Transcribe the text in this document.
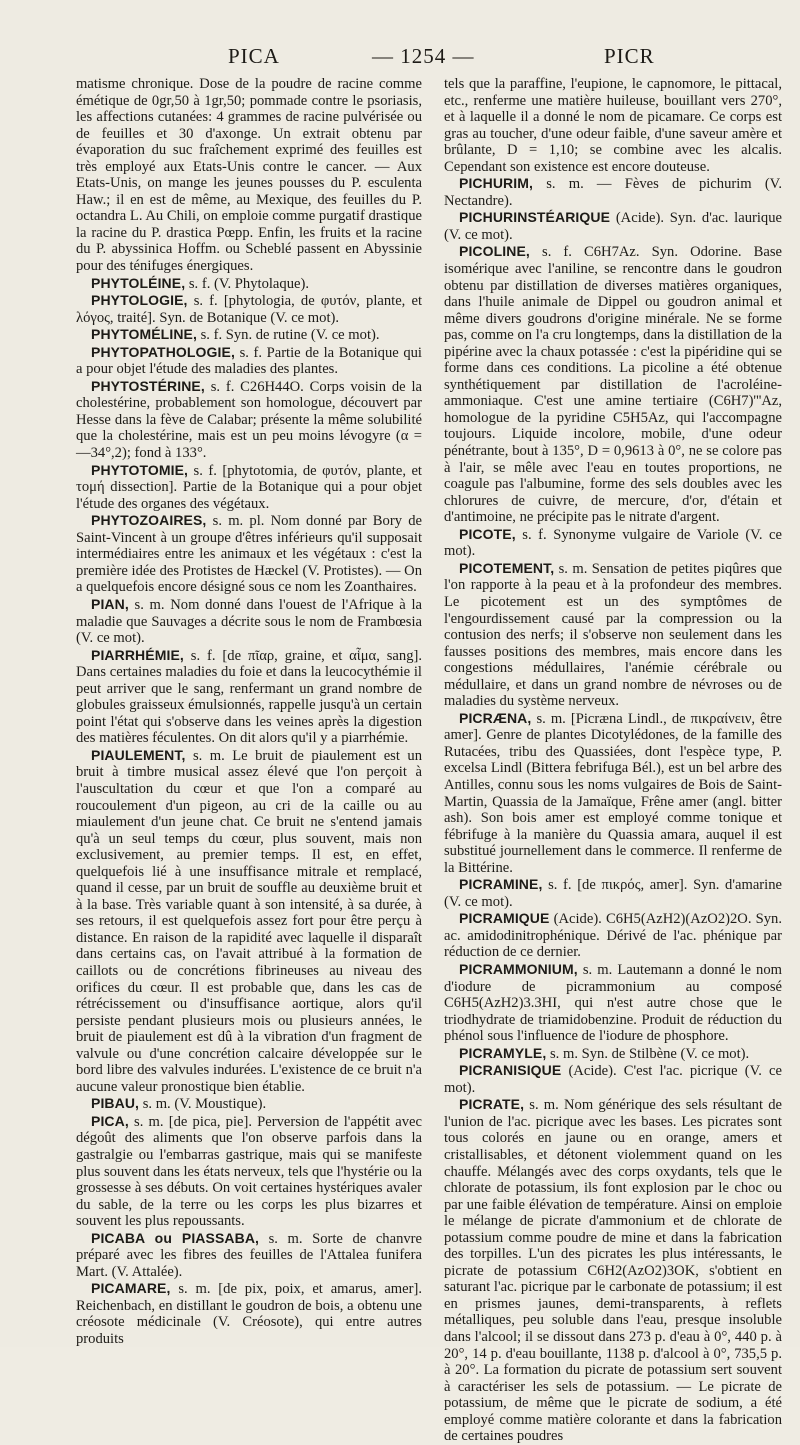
PICA	— 1254 —	PICR

matisme chronique. Dose de la poudre de racine comme émétique de 0gr,50 à 1gr,50; pommade contre le psoriasis, les affections cutanées: 4 grammes de racine pulvérisée ou de feuilles et 30 d'axonge. Un extrait obtenu par évaporation du suc fraîchement exprimé des feuilles est très employé aux Etats-Unis contre le cancer. — Aux Etats-Unis, on mange les jeunes pousses du P. esculenta Haw.; il en est de même, au Mexique, des feuilles du P. octandra L. Au Chili, on emploie comme purgatif drastique la racine du P. drastica Pœpp. Enfin, les fruits et la racine du P. abyssinica Hoffm. ou Scheblé passent en Abyssinie pour des ténifuges énergiques.

PHYTOLÉINE, s. f. (V. Phytolaque).

PHYTOLOGIE, s. f. [phytologia, de φυτόν, plante, et λόγος, traité]. Syn. de Botanique (V. ce mot).

PHYTOMÉLINE, s. f. Syn. de rutine (V. ce mot).

PHYTOPATHOLOGIE, s. f. Partie de la Botanique qui a pour objet l'étude des maladies des plantes.

PHYTOSTÉRINE, s. f. C26H44O. Corps voisin de la cholestérine, probablement son homologue, découvert par Hesse dans la fève de Calabar; présente la même solubilité que la cholestérine, mais est un peu moins lévogyre (α = —34°,2); fond à 133°.

PHYTOTOMIE, s. f. [phytotomia, de φυτόν, plante, et τομή dissection]. Partie de la Botanique qui a pour objet l'étude des organes des végétaux.

PHYTOZOAIRES, s. m. pl. Nom donné par Bory de Saint-Vincent à un groupe d'êtres inférieurs qu'il supposait intermédiaires entre les animaux et les végétaux : c'est la première idée des Protistes de Hæckel (V. Protistes). — On a quelquefois encore désigné sous ce nom les Zoanthaires.

PIAN, s. m. Nom donné dans l'ouest de l'Afrique à la maladie que Sauvages a décrite sous le nom de Frambœsia (V. ce mot).

PIARRHÉMIE, s. f. [de πῖαρ, graine, et αἷμα, sang]. Dans certaines maladies du foie et dans la leucocythémie il peut arriver que le sang, renfermant un grand nombre de globules graisseux émulsionnés, rappelle jusqu'à un certain point l'état qui s'observe dans les veines après la digestion des matières féculentes. On dit alors qu'il y a piarrhémie.

PIAULEMENT, s. m. Le bruit de piaulement est un bruit à timbre musical assez élevé que l'on perçoit à l'auscultation du cœur et que l'on a comparé au roucoulement d'un pigeon, au cri de la caille ou au miaulement d'un jeune chat. Ce bruit ne s'entend jamais qu'à un seul temps du cœur, plus souvent, mais non exclusivement, au premier temps. Il est, en effet, quelquefois lié à une insuffisance mitrale et remplacé, quand il cesse, par un bruit de souffle au deuxième bruit et à la base. Très variable quant à son intensité, à sa durée, à ses retours, il est quelquefois assez fort pour être perçu à distance. En raison de la rapidité avec laquelle il disparaît dans certains cas, on l'avait attribué à la formation de caillots ou de concrétions fibrineuses au niveau des orifices du cœur. Il est probable que, dans les cas de rétrécissement ou d'insuffisance aortique, alors qu'il persiste pendant plusieurs mois ou plusieurs années, le bruit de piaulement est dû à la vibration d'un fragment de valvule ou d'une concrétion calcaire développée sur le bord libre des valvules indurées. L'existence de ce bruit n'a aucune valeur pronostique bien établie.

PIBAU, s. m. (V. Moustique).

PICA, s. m. [de pica, pie]. Perversion de l'appétit avec dégoût des aliments que l'on observe parfois dans la gastralgie ou l'embarras gastrique, mais qui se manifeste plus souvent dans les états nerveux, tels que l'hystérie ou la grossesse à ses débuts. On voit certaines hystériques avaler du sable, de la terre ou les corps les plus bizarres et souvent les plus repoussants.

PICABA ou PIASSABA, s. m. Sorte de chanvre préparé avec les fibres des feuilles de l'Attalea funifera Mart. (V. Attalée).

PICAMARE, s. m. [de pix, poix, et amarus, amer]. Reichenbach, en distillant le goudron de bois, a obtenu une créosote médicinale (V. Créosote), qui entre autres produits

tels que la paraffine, l'eupione, le capnomore, le pittacal, etc., renferme une matière huileuse, bouillant vers 270°, et à laquelle il a donné le nom de picamare. Ce corps est gras au toucher, d'une odeur faible, d'une saveur amère et brûlante, D = 1,10; se combine avec les alcalis. Cependant son existence est encore douteuse.

PICHURIM, s. m. — Fèves de pichurim (V. Nectandre).

PICHURINSTÉARIQUE (Acide). Syn. d'ac. laurique (V. ce mot).

PICOLINE, s. f. C6H7Az. Syn. Odorine. Base isomérique avec l'aniline, se rencontre dans le goudron obtenu par distillation de diverses matières organiques, dans l'huile animale de Dippel ou goudron animal et même divers goudrons d'origine minérale. Ne se forme pas, comme on l'a cru longtemps, dans la distillation de la pipérine avec la chaux potassée : c'est la pipéridine qui se forme dans ces conditions. La picoline a été obtenue synthétiquement par distillation de l'acroléine-ammoniaque. C'est une amine tertiaire (C6H7)'''Az, homologue de la pyridine C5H5Az, qui l'accompagne toujours. Liquide incolore, mobile, d'une odeur pénétrante, bout à 135°, D = 0,9613 à 0°, ne se colore pas à l'air, se mêle avec l'eau en toutes proportions, ne coagule pas l'albumine, forme des sels doubles avec les chlorures de cuivre, de mercure, d'or, d'étain et d'antimoine, ne précipite pas le nitrate d'argent.

PICOTE, s. f. Synonyme vulgaire de Variole (V. ce mot).

PICOTEMENT, s. m. Sensation de petites piqûres que l'on rapporte à la peau et à la profondeur des membres. Le picotement est un des symptômes de l'engourdissement causé par la compression ou la contusion des nerfs; il s'observe non seulement dans les fausses positions des membres, mais encore dans les congestions médullaires, l'anémie cérébrale ou médullaire, et dans un grand nombre de névroses ou de maladies du système nerveux.

PICRÆNA, s. m. [Picræna Lindl., de πικραίνειν, être amer]. Genre de plantes Dicotylédones, de la famille des Rutacées, tribu des Quassiées, dont l'espèce type, P. excelsa Lindl (Bittera febrifuga Bél.), est un bel arbre des Antilles, connu sous les noms vulgaires de Bois de Saint-Martin, Quassia de la Jamaïque, Frêne amer (angl. bitter ash). Son bois amer est employé comme tonique et fébrifuge à la manière du Quassia amara, auquel il est substitué journellement dans le commerce. Il renferme de la Bittérine.

PICRAMINE, s. f. [de πικρός, amer]. Syn. d'amarine (V. ce mot).

PICRAMIQUE (Acide). C6H5(AzH2)(AzO2)2O. Syn. ac. amidodinitrophénique. Dérivé de l'ac. phénique par réduction de ce dernier.

PICRAMMONIUM, s. m. Lautemann a donné le nom d'iodure de picrammonium au composé C6H5(AzH2)3.3HI, qui n'est autre chose que le triodhydrate de triamidobenzine. Produit de réduction du phénol sous l'influence de l'iodure de phosphore.

PICRAMYLE, s. m. Syn. de Stilbène (V. ce mot).

PICRANISIQUE (Acide). C'est l'ac. picrique (V. ce mot).

PICRATE, s. m. Nom générique des sels résultant de l'union de l'ac. picrique avec les bases. Les picrates sont tous colorés en jaune ou en orange, amers et cristallisables, et détonent violemment quand on les chauffe. Mélangés avec des corps oxydants, tels que le chlorate de potassium, ils font explosion par le choc ou par une faible élévation de température. Ainsi on emploie le mélange de picrate d'ammonium et de chlorate de potassium comme poudre de mine et dans la fabrication des torpilles. L'un des picrates les plus intéressants, le picrate de potassium C6H2(AzO2)3OK, s'obtient en saturant l'ac. picrique par le carbonate de potassium; il est en prismes jaunes, demi-transparents, à reflets métalliques, peu soluble dans l'eau, presque insoluble dans l'alcool; il se dissout dans 273 p. d'eau à 0°, 440 p. à 20°, 14 p. d'eau bouillante, 1138 p. d'alcool à 0°, 735,5 p. à 20°. La formation du picrate de potassium sert souvent à caractériser les sels de potassium. — Le picrate de potassium, de même que le picrate de sodium, a été employé comme matière colorante et dans la fabrication de certaines poudres
